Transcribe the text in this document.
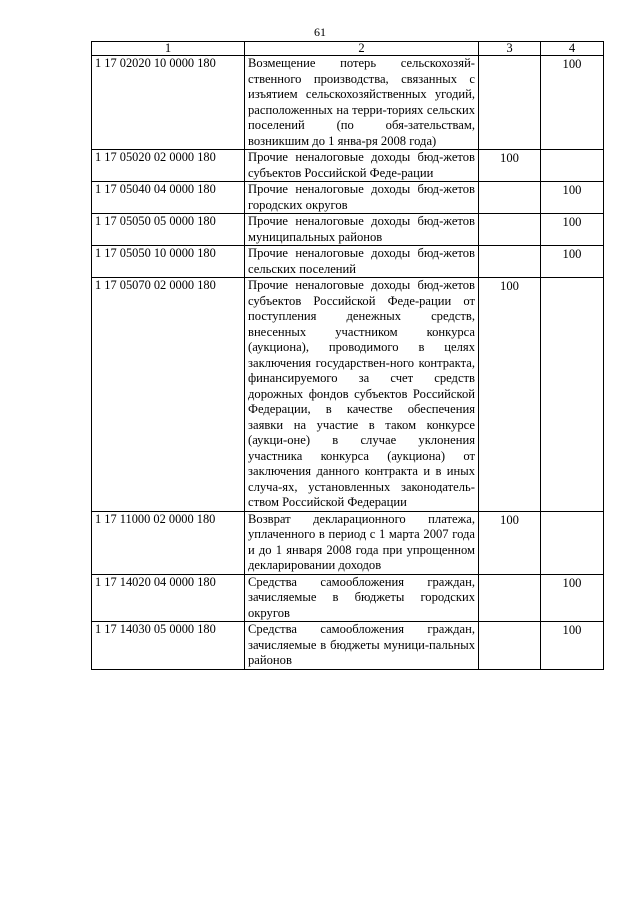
61
1	2	3	4
1 17 02020 10 0000 180	Возмещение потерь сельскохозяй-ственного производства, связанных с изъятием сельскохозяйственных угодий, расположенных на терри-ториях сельских поселений (по обя-зательствам, возникшим до 1 янва-ря 2008 года)		100

1 17 05020 02 0000 180	Прочие неналоговые доходы бюд-жетов субъектов Российской Феде-рации	100	

1 17 05040 04 0000 180	Прочие неналоговые доходы бюд-жетов городских округов		100

1 17 05050 05 0000 180	Прочие неналоговые доходы бюд-жетов муниципальных районов		100

1 17 05050 10 0000 180	Прочие неналоговые доходы бюд-жетов сельских поселений		100

1 17 05070 02 0000 180	Прочие неналоговые доходы бюд-жетов субъектов Российской Феде-рации от поступления денежных средств, внесенных участником конкурса (аукциона), проводимого в целях заключения государствен-ного контракта, финансируемого за счет средств дорожных фондов субъектов Российской Федерации, в качестве обеспечения заявки на участие в таком конкурсе (аукци-оне) в случае уклонения участника конкурса (аукциона) от заключения данного контракта и в иных случа-ях, установленных законодатель-ством Российской Федерации	100	

1 17 11000 02 0000 180	Возврат декларационного платежа, уплаченного в период с 1 марта 2007 года и до 1 января 2008 года при упрощенном декларировании доходов	100	

1 17 14020 04 0000 180	Средства самообложения граждан, зачисляемые в бюджеты городских округов		100

1 17 14030 05 0000 180	Средства самообложения граждан, зачисляемые в бюджеты муници-пальных районов		100
